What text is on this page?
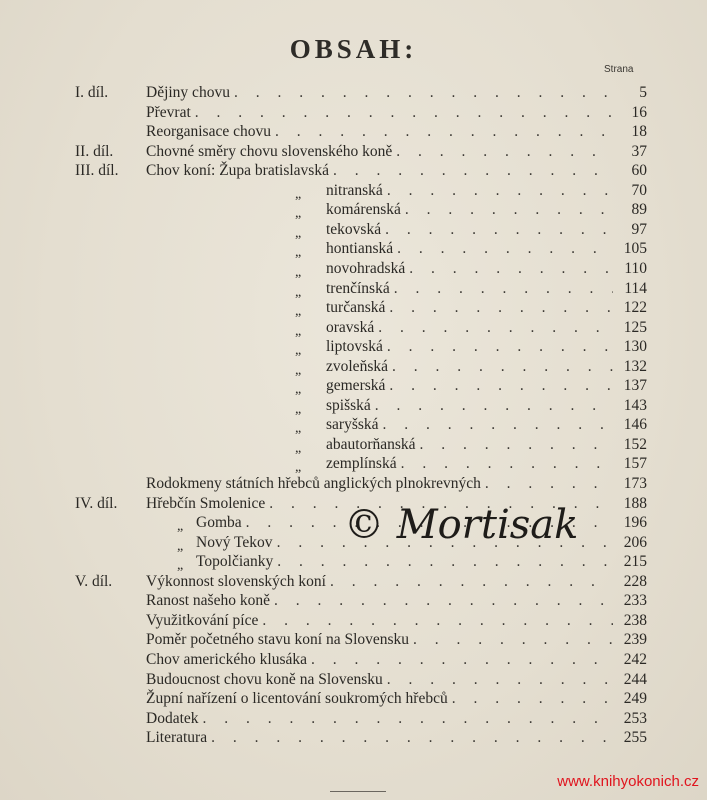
OBSAH:
Strana
I. díl. Dějiny chovu . . .	5
Převrat . . .	16
Reorganisace chovu . . .	18
II. díl. Chovné směry chovu slovenského koně . . .	37
III. díl. Chov koní: Župa bratislavská . . .	60
„ nitranská . . .	70
„ komárenská . . .	89
„ tekovská . . .	97
„ hontianská . . .	105
„ novohradská . . .	110
„ trenčínská . . .	114
„ turčanská . . .	122
„ oravská . . .	125
„ liptovská . . .	130
„ zvoleňská . . .	132
„ gemerská . . .	137
„ spišská . . .	143
„ saryšská . . .	146
„ abautorňanská . . .	152
„ zemplínská . . .	157
Rodokmeny státních hřebců anglických plnokrevných . . .	173
IV. díl. Hřebčín Smolenice . . .	188
„ Gomba . . .	196
„ Nový Tekov . . .	206
„ Topolčianky . . .	215
V. díl. Výkonnost slovenských koní . . .	228
Ranost našeho koně . . .	233
Využitkování píce . . .	238
Poměr početného stavu koní na Slovensku . . .	239
Chov amerického klusáka . . .	242
Budoucnost chovu koně na Slovensku . . .	244
Župní nařízení o licentování soukromých hřebců . . .	249
Dodatek . . .	253
Literatura . . .	255
© Mortisak
www.knihyokonich.cz
